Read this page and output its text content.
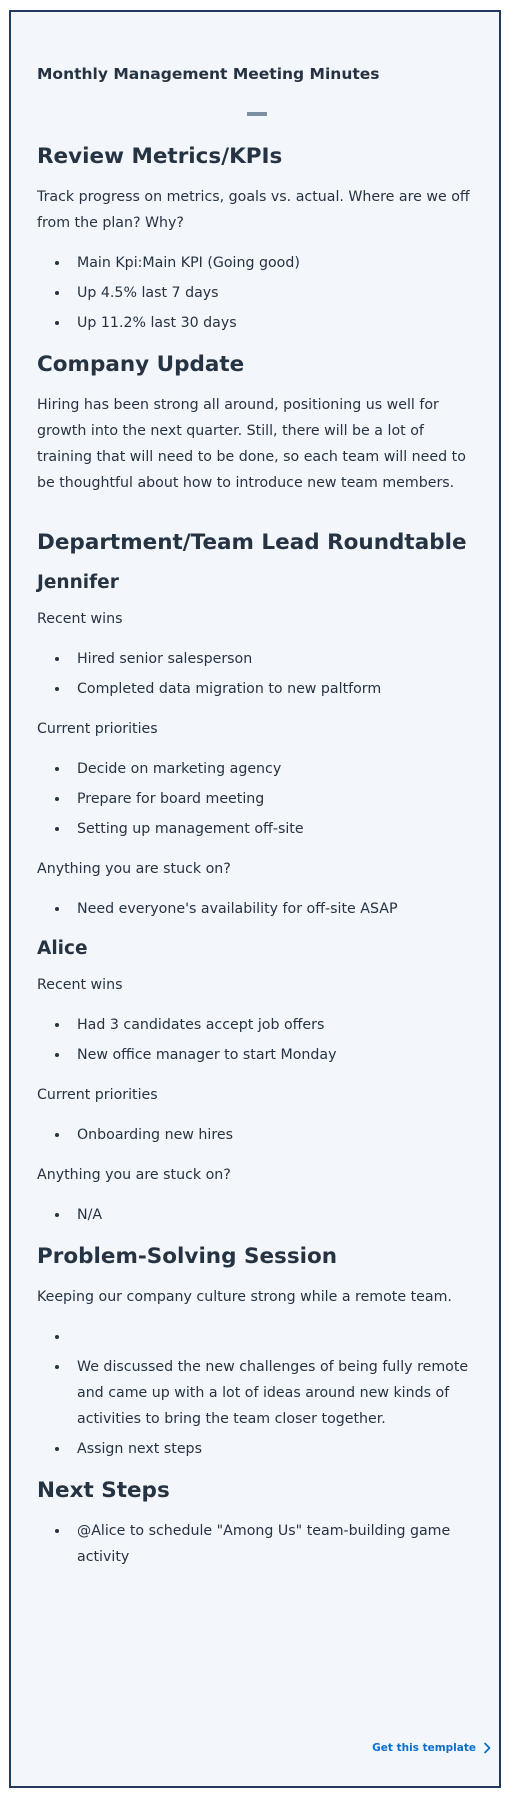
Monthly Management Meeting Minutes
Review Metrics/KPIs

Track progress on metrics, goals vs. actual. Where are we off from the plan? Why?

Main Kpi:Main KPI (Going good)
Up 4.5% last 7 days
Up 11.2% last 30 days
Company Update

Hiring has been strong all around, positioning us well for growth into the next quarter. Still, there will be a lot of training that will need to be done, so each team will need to be thoughtful about how to introduce new team members.

Department/Team Lead Roundtable
Jennifer

Recent wins

Hired senior salesperson
Completed data migration to new paltform

Current priorities

Decide on marketing agency
Prepare for board meeting
Setting up management off-site

Anything you are stuck on?

Need everyone's availability for off-site ASAP
Alice

Recent wins

Had 3 candidates accept job offers
New office manager to start Monday

Current priorities

Onboarding new hires

Anything you are stuck on?

N/A
Problem-Solving Session

Keeping our company culture strong while a remote team.

We discussed the new challenges of being fully remote and came up with a lot of ideas around new kinds of activities to bring the team closer together.
Assign next steps
Next Steps
@Alice to schedule "Among Us" team-building game activity
Get this template
